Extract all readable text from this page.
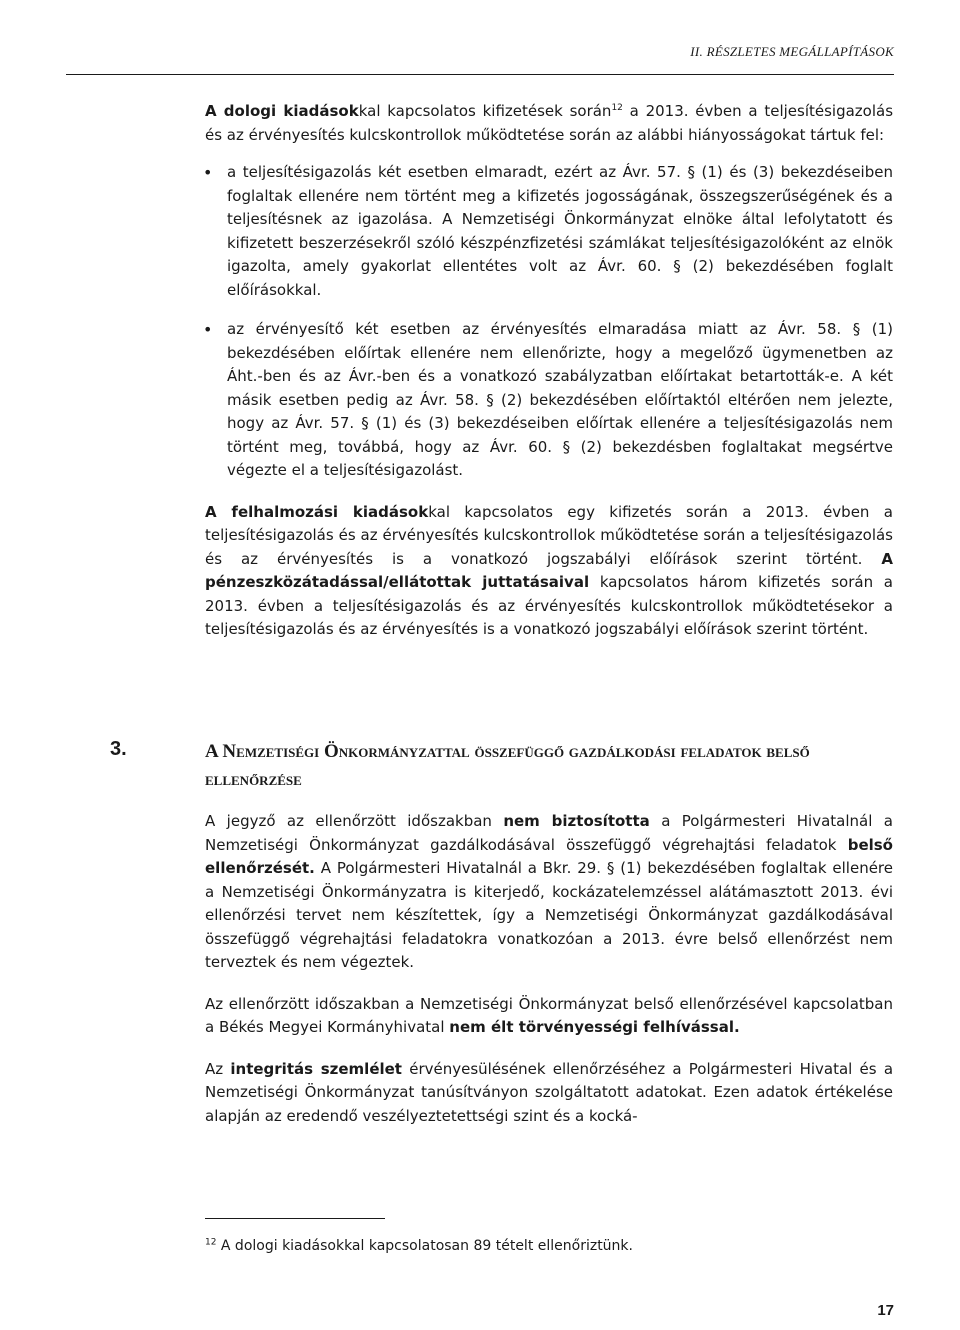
II. RÉSZLETES MEGÁLLAPÍTÁSOK

A dologi kiadásokkal kapcsolatos kifizetések során$^{12}$ a 2013. évben a teljesítésigazolás és az érvényesítés kulcskontrollok működtetése során az alábbi hiányosságokat tártuk fel:

• a teljesítésigazolás két esetben elmaradt, ezért az Ávr. 57. § (1) és (3) bekezdéseiben foglaltak ellenére nem történt meg a kifizetés jogosságának, összegszerűségének és a teljesítésnek az igazolása. A Nemzetiségi Önkormányzat elnöke által lefolytatott és kifizetett beszerzésekről szóló készpénzfizetési számlákat teljesítésigazolóként az elnök igazolta, amely gyakorlat ellentétes volt az Ávr. 60. § (2) bekezdésében foglalt előírásokkal.
• az érvényesítő két esetben az érvényesítés elmaradása miatt az Ávr. 58. § (1) bekezdésében előírtak ellenére nem ellenőrizte, hogy a megelőző ügymenetben az Áht.-ben és az Ávr.-ben és a vonatkozó szabályzatban előírtakat betartották-e. A két másik esetben pedig az Ávr. 58. § (2) bekezdésében előírtaktól eltérően nem jelezte, hogy az Ávr. 57. § (1) és (3) bekezdéseiben előírtak ellenére a teljesítésigazolás nem történt meg, továbbá, hogy az Ávr. 60. § (2) bekezdésben foglaltakat megsértve végezte el a teljesítésigazolást.

A felhalmozási kiadásokkal kapcsolatos egy kifizetés során a 2013. évben a teljesítésigazolás és az érvényesítés kulcskontrollok működtetése során a teljesítésigazolás és az érvényesítés is a vonatkozó jogszabályi előírások szerint történt. A pénzeszközátadással/ellátottak juttatásaival kapcsolatos három kifizetés során a 2013. évben a teljesítésigazolás és az érvényesítés kulcskontrollok működtetésekor a teljesítésigazolás és az érvényesítés is a vonatkozó jogszabályi előírások szerint történt.

3.	A Nemzetiségi Önkormányzattal összefüggő gazdálkodási feladatok belső ellenőrzése

A jegyző az ellenőrzött időszakban nem biztosította a Polgármesteri Hivatalnál a Nemzetiségi Önkormányzat gazdálkodásával összefüggő végrehajtási feladatok belső ellenőrzését. A Polgármesteri Hivatalnál a Bkr. 29. § (1) bekezdésében foglaltak ellenére a Nemzetiségi Önkormányzatra is kiterjedő, kockázatelemzéssel alátámasztott 2013. évi ellenőrzési tervet nem készítettek, így a Nemzetiségi Önkormányzat gazdálkodásával összefüggő végrehajtási feladatokra vonatkozóan a 2013. évre belső ellenőrzést nem terveztek és nem végeztek.

Az ellenőrzött időszakban a Nemzetiségi Önkormányzat belső ellenőrzésével kapcsolatban a Békés Megyei Kormányhivatal nem élt törvényességi felhívással.

Az integritás szemlélet érvényesülésének ellenőrzéséhez a Polgármesteri Hivatal és a Nemzetiségi Önkormányzat tanúsítványon szolgáltatott adatokat. Ezen adatok értékelése alapján az eredendő veszélyeztetettségi szint és a kocká-

$^{12}$ A dologi kiadásokkal kapcsolatosan 89 tételt ellenőriztünk.
17
